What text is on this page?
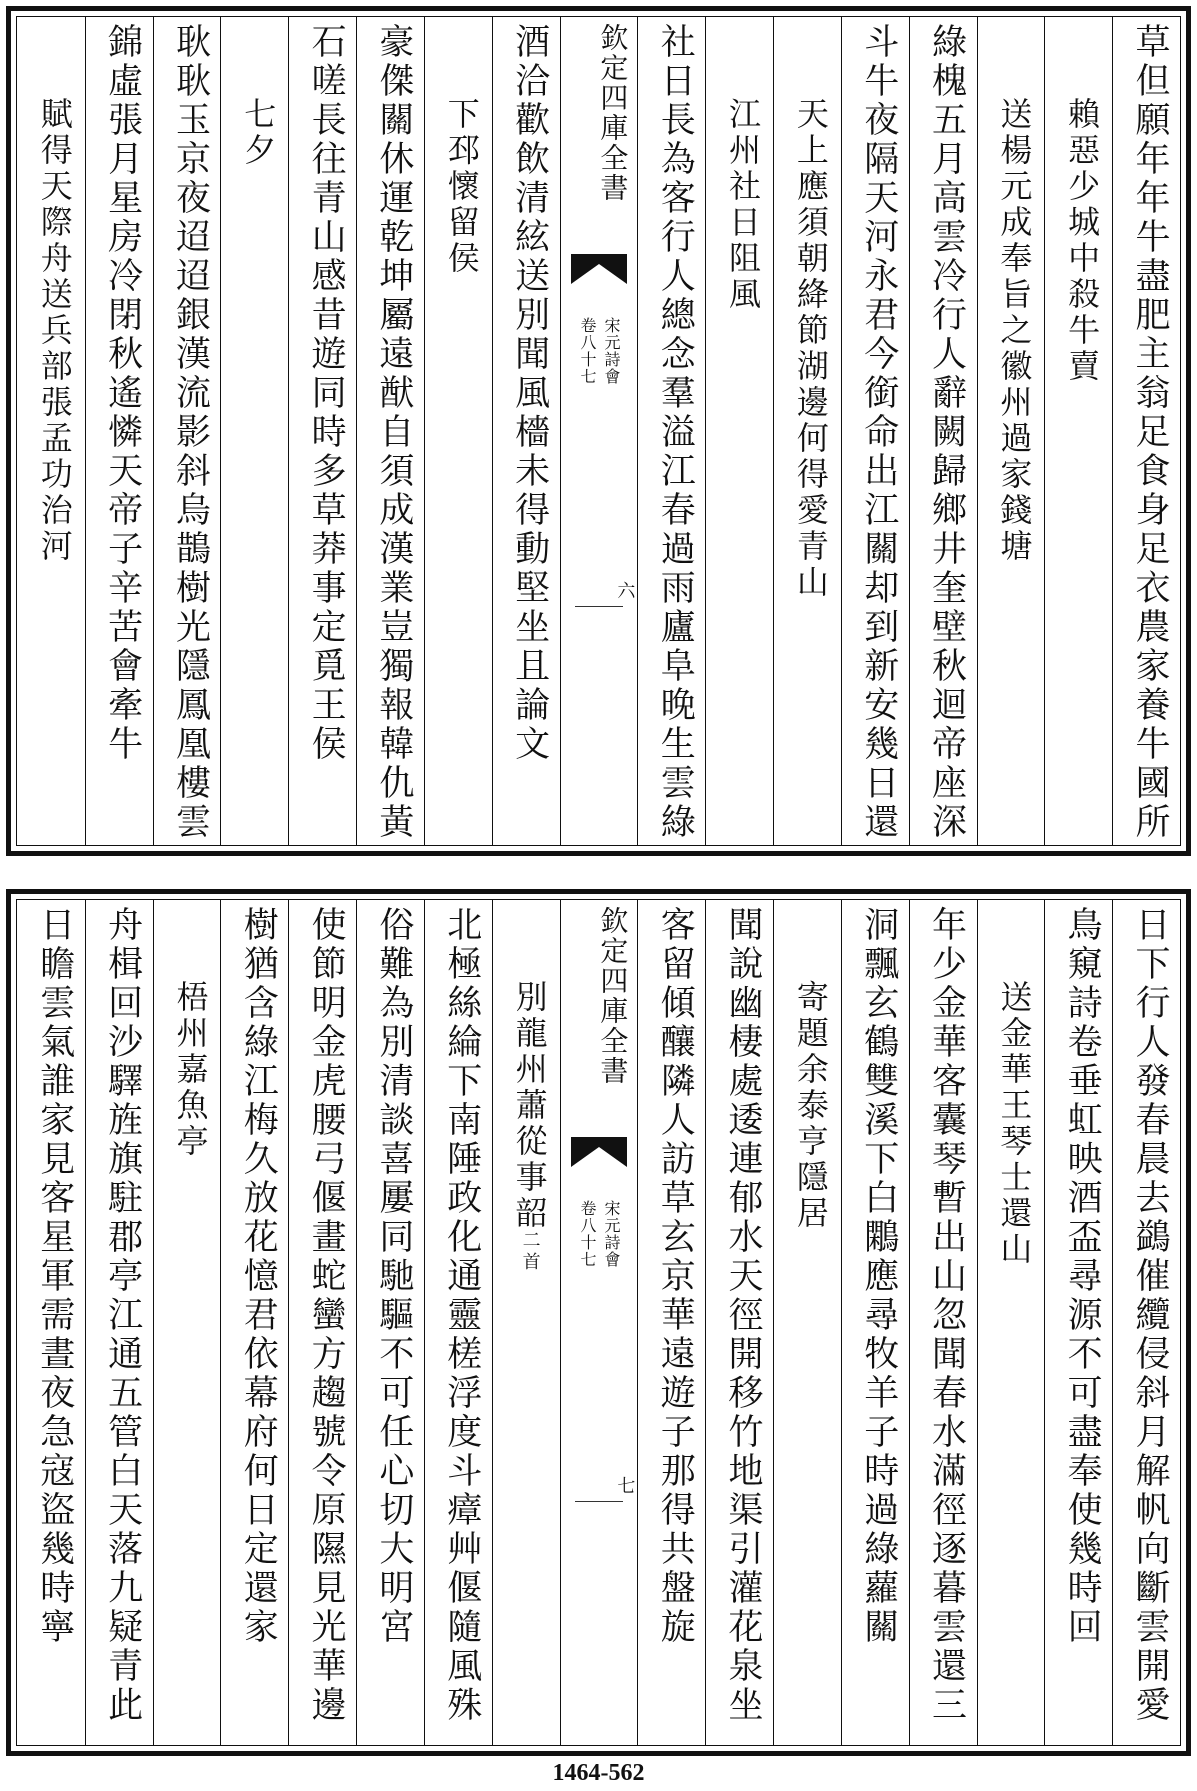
草但願年年牛盡肥主翁足食身足衣農家養牛國所
賴惡少城中殺牛賣
送楊元成奉旨之徽州過家錢塘
綠槐五月高雲冷行人辭闕歸鄉井奎壁秋迴帝座深
斗牛夜隔天河永君今銜命出江關却到新安幾日還
天上應須朝絳節湖邊何得愛青山
江州社日阻風
社日長為客行人總念羣溢江春過雨廬阜晚生雲綠
欽定四庫全書
宋元詩會
卷八十七
六
酒洽歡飲清絃送別聞風檣未得動堅坐且論文
下邳懷留侯
豪傑關休運乾坤屬遠猷自須成漢業豈獨報韓仇黃
石嗟長往青山感昔遊同時多草莽事定覓王侯
七夕
耿耿玉京夜迢迢銀漢流影斜烏鵲樹光隱鳳凰樓雲
錦虛張月星房冷閉秋遙憐天帝子辛苦會牽牛
賦得天際舟送兵部張孟功治河
日下行人發春晨去鷁催纜侵斜月解帆向斷雲開愛
鳥窺詩卷垂虹映酒盃尋源不可盡奉使幾時回
送金華王琴士還山
年少金華客囊琴暫出山忽聞春水滿徑逐暮雲還三
洞飄玄鶴雙溪下白鷴應尋牧羊子時過綠蘿關
寄題余泰亨隱居
聞說幽棲處逶連郁水天徑開移竹地渠引灌花泉坐
客留傾釀隣人訪草玄京華遠遊子那得共盤旋
欽定四庫全書
宋元詩會
卷八十七
七
別龍州蕭從事韶
二首
北極絲綸下南陲政化通靈槎浮度斗瘴艸偃隨風殊
俗難為別清談喜屢同馳驅不可任心切大明宮
使節明金虎腰弓偃畫蛇蠻方趨號令原隰見光華邊
樹猶含綠江梅久放花憶君依幕府何日定還家
梧州嘉魚亭
舟楫回沙驛旌旗駐郡亭江通五管白天落九疑青此
日瞻雲氣誰家見客星軍需晝夜急寇盜幾時寧
1464-562
